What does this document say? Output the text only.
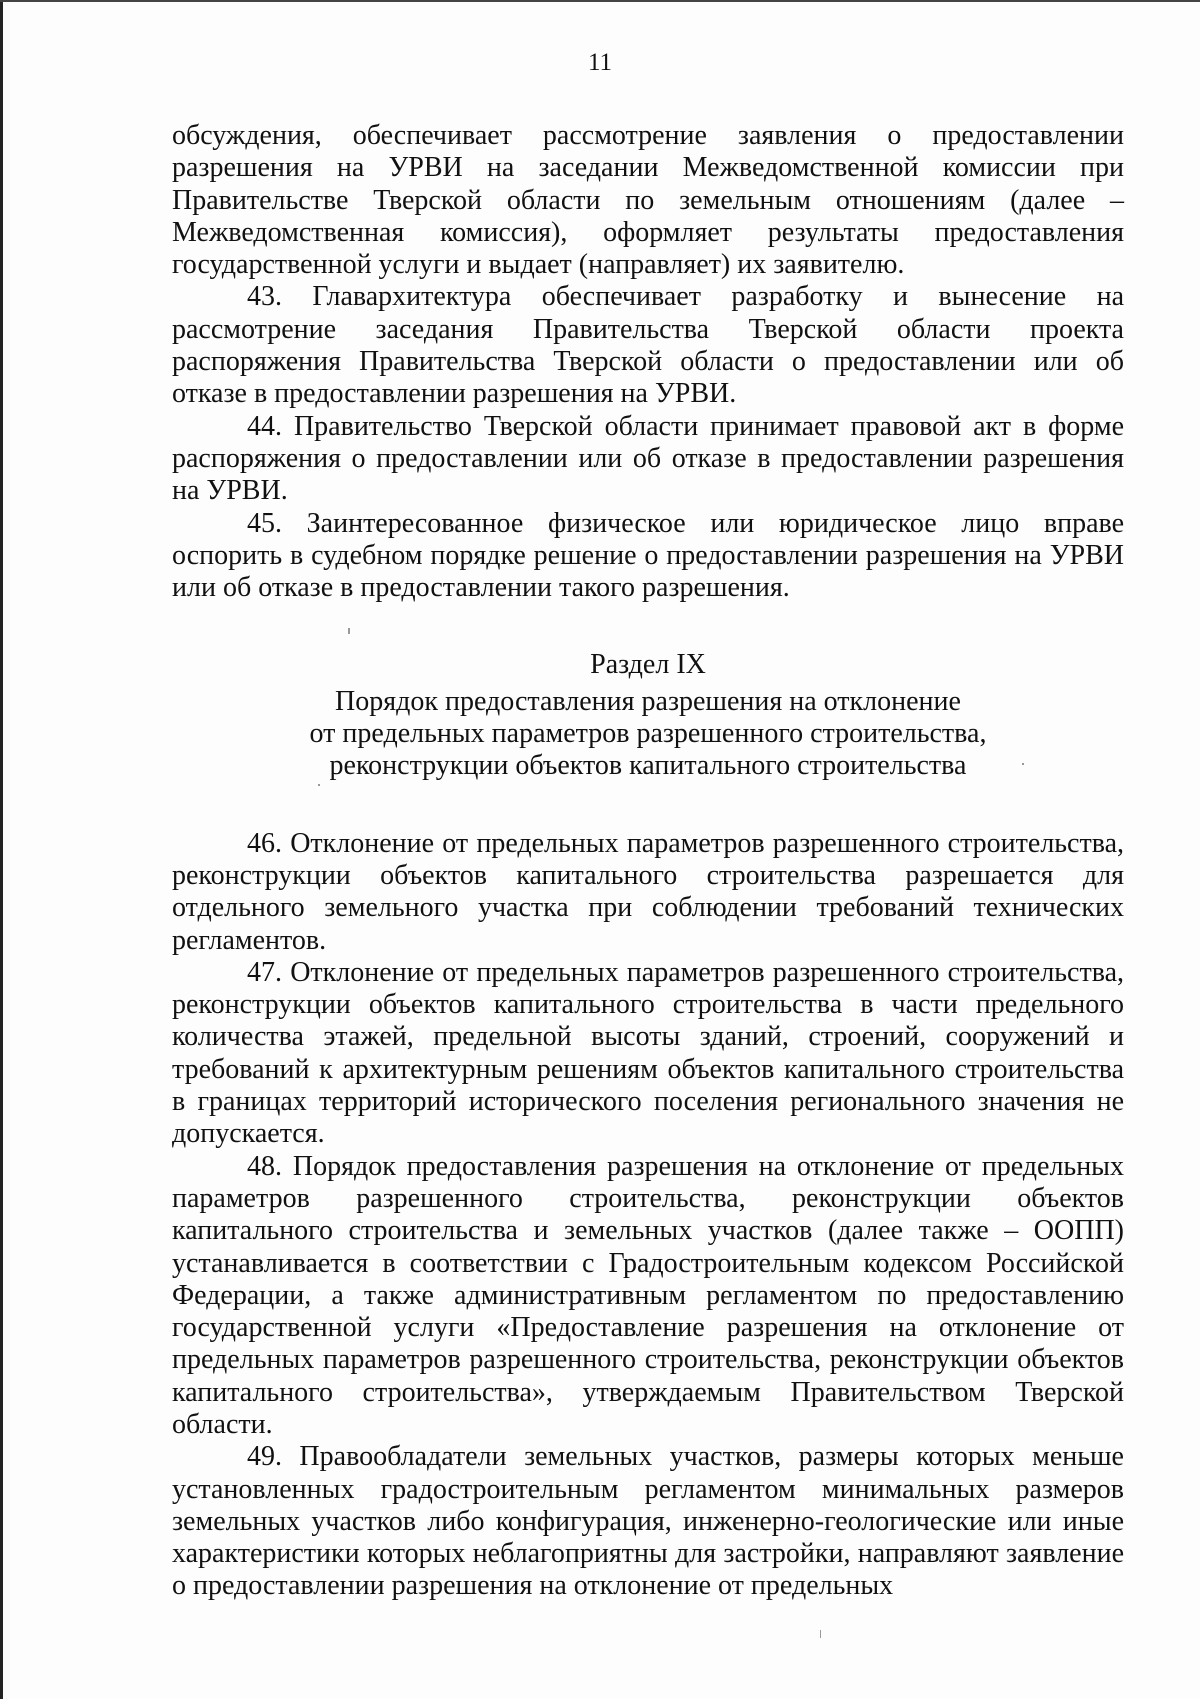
11

обсуждения, обеспечивает рассмотрение заявления о предоставлении разрешения на УРВИ на заседании Межведомственной комиссии при Правительстве Тверской области по земельным отношениям (далее – Межведомственная комиссия), оформляет результаты предоставления государственной услуги и выдает (направляет) их заявителю.

43. Главархитектура обеспечивает разработку и вынесение на рассмотрение заседания Правительства Тверской области проекта распоряжения Правительства Тверской области о предоставлении или об отказе в предоставлении разрешения на УРВИ.

44. Правительство Тверской области принимает правовой акт в форме распоряжения о предоставлении или об отказе в предоставлении разрешения на УРВИ.

45. Заинтересованное физическое или юридическое лицо вправе оспорить в судебном порядке решение о предоставлении разрешения на УРВИ или об отказе в предоставлении такого разрешения.

Раздел IX

Порядок предоставления разрешения на отклонение

от предельных параметров разрешенного строительства,

реконструкции объектов капитального строительства

46. Отклонение от предельных параметров разрешенного строительства, реконструкции объектов капитального строительства разрешается для отдельного земельного участка при соблюдении требований технических регламентов.

47. Отклонение от предельных параметров разрешенного строительства, реконструкции объектов капитального строительства в части предельного количества этажей, предельной высоты зданий, строений, сооружений и требований к архитектурным решениям объектов капитального строительства в границах территорий исторического поселения регионального значения не допускается.

48. Порядок предоставления разрешения на отклонение от предельных параметров разрешенного строительства, реконструкции объектов капитального строительства и земельных участков (далее также – ООПП) устанавливается в соответствии с Градостроительным кодексом Российской Федерации, а также административным регламентом по предоставлению государственной услуги «Предоставление разрешения на отклонение от предельных параметров разрешенного строительства, реконструкции объектов капитального строительства», утверждаемым Правительством Тверской области.

49. Правообладатели земельных участков, размеры которых меньше установленных градостроительным регламентом минимальных размеров земельных участков либо конфигурация, инженерно-геологические или иные характеристики которых неблагоприятны для застройки, направляют заявление о предоставлении разрешения на отклонение от предельных
